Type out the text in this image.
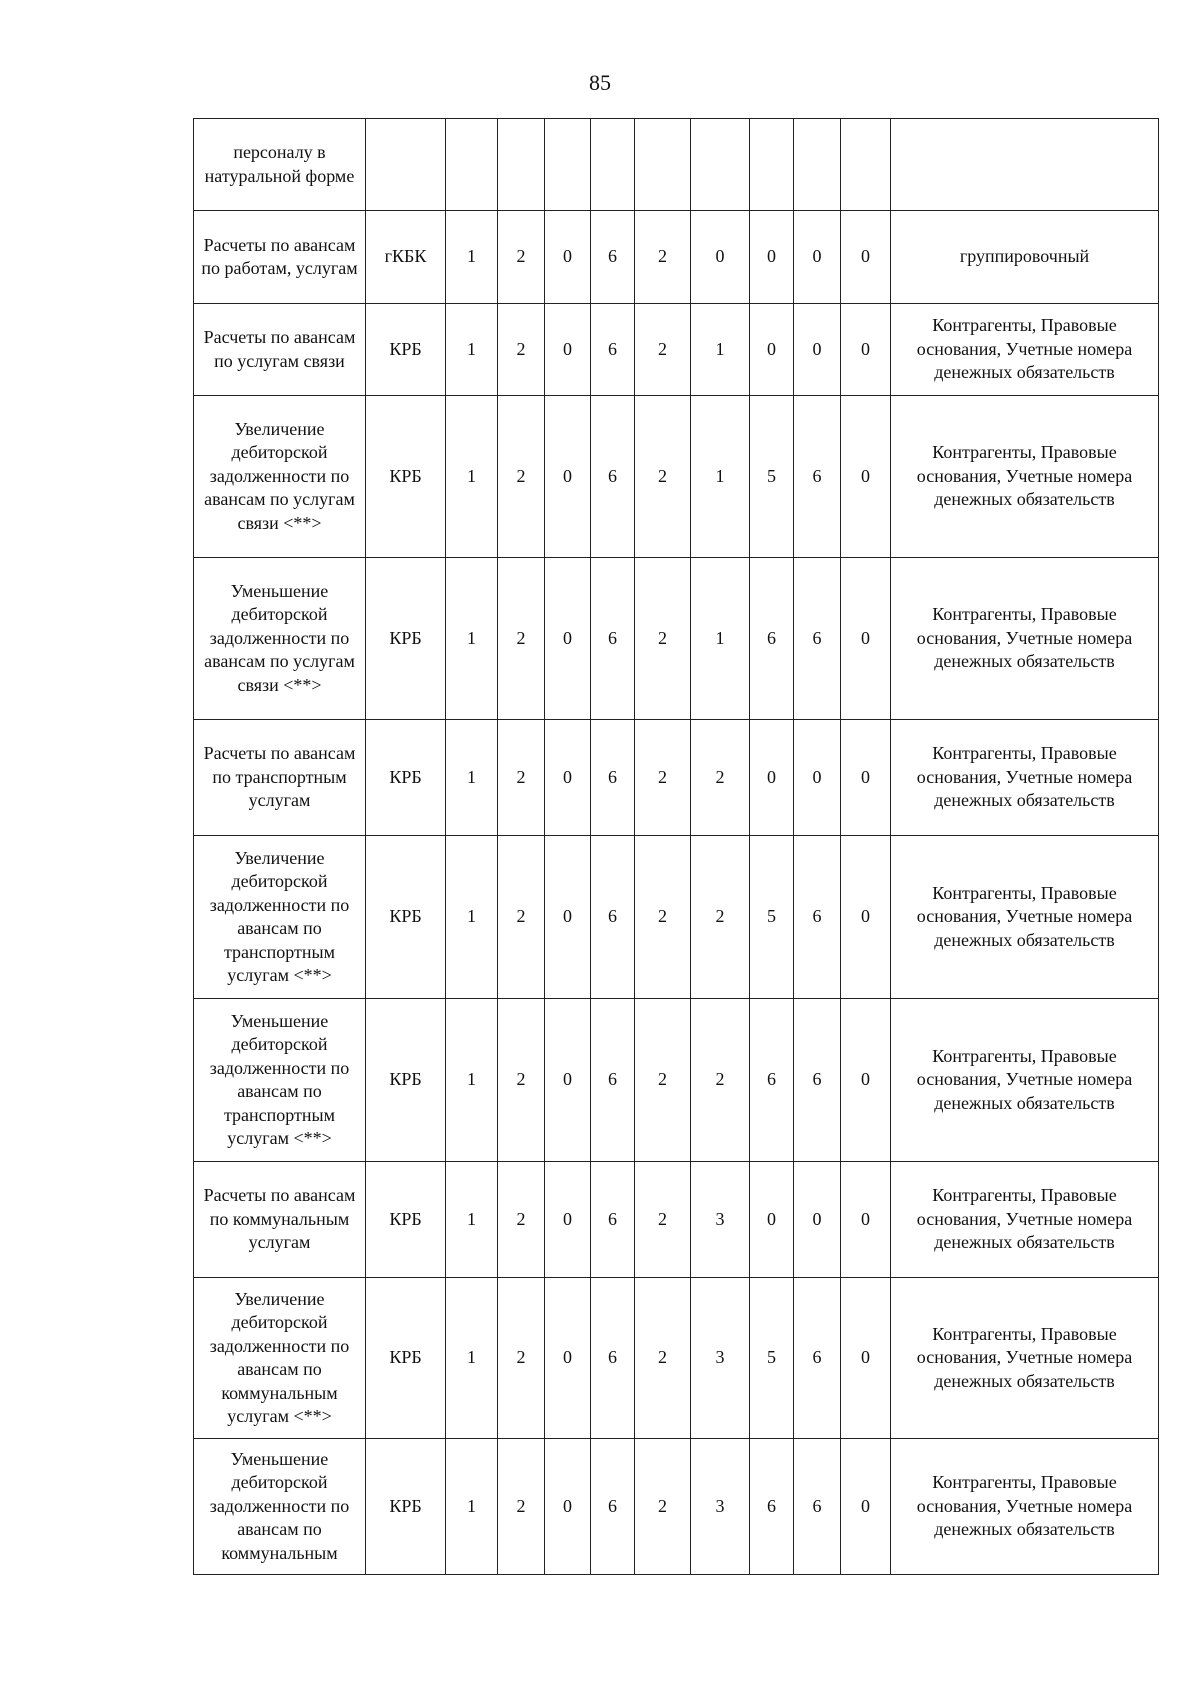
85
персоналу в натуральной форме											
Расчеты по авансам по работам, услугам	гКБК	1	2	0	6	2	0	0	0	0	группировочный
Расчеты по авансам по услугам связи	КРБ	1	2	0	6	2	1	0	0	0	Контрагенты, Правовые основания, Учетные номера денежных обязательств
Увеличение дебиторской задолженности по авансам по услугам связи <**>	КРБ	1	2	0	6	2	1	5	6	0	Контрагенты, Правовые основания, Учетные номера денежных обязательств
Уменьшение дебиторской задолженности по авансам по услугам связи <**>	КРБ	1	2	0	6	2	1	6	6	0	Контрагенты, Правовые основания, Учетные номера денежных обязательств
Расчеты по авансам по транспортным услугам	КРБ	1	2	0	6	2	2	0	0	0	Контрагенты, Правовые основания, Учетные номера денежных обязательств
Увеличение дебиторской задолженности по авансам по транспортным услугам <**>	КРБ	1	2	0	6	2	2	5	6	0	Контрагенты, Правовые основания, Учетные номера денежных обязательств
Уменьшение дебиторской задолженности по авансам по транспортным услугам <**>	КРБ	1	2	0	6	2	2	6	6	0	Контрагенты, Правовые основания, Учетные номера денежных обязательств
Расчеты по авансам по коммунальным услугам	КРБ	1	2	0	6	2	3	0	0	0	Контрагенты, Правовые основания, Учетные номера денежных обязательств
Увеличение дебиторской задолженности по авансам по коммунальным услугам <**>	КРБ	1	2	0	6	2	3	5	6	0	Контрагенты, Правовые основания, Учетные номера денежных обязательств
Уменьшение дебиторской задолженности по авансам по коммунальным	КРБ	1	2	0	6	2	3	6	6	0	Контрагенты, Правовые основания, Учетные номера денежных обязательств
